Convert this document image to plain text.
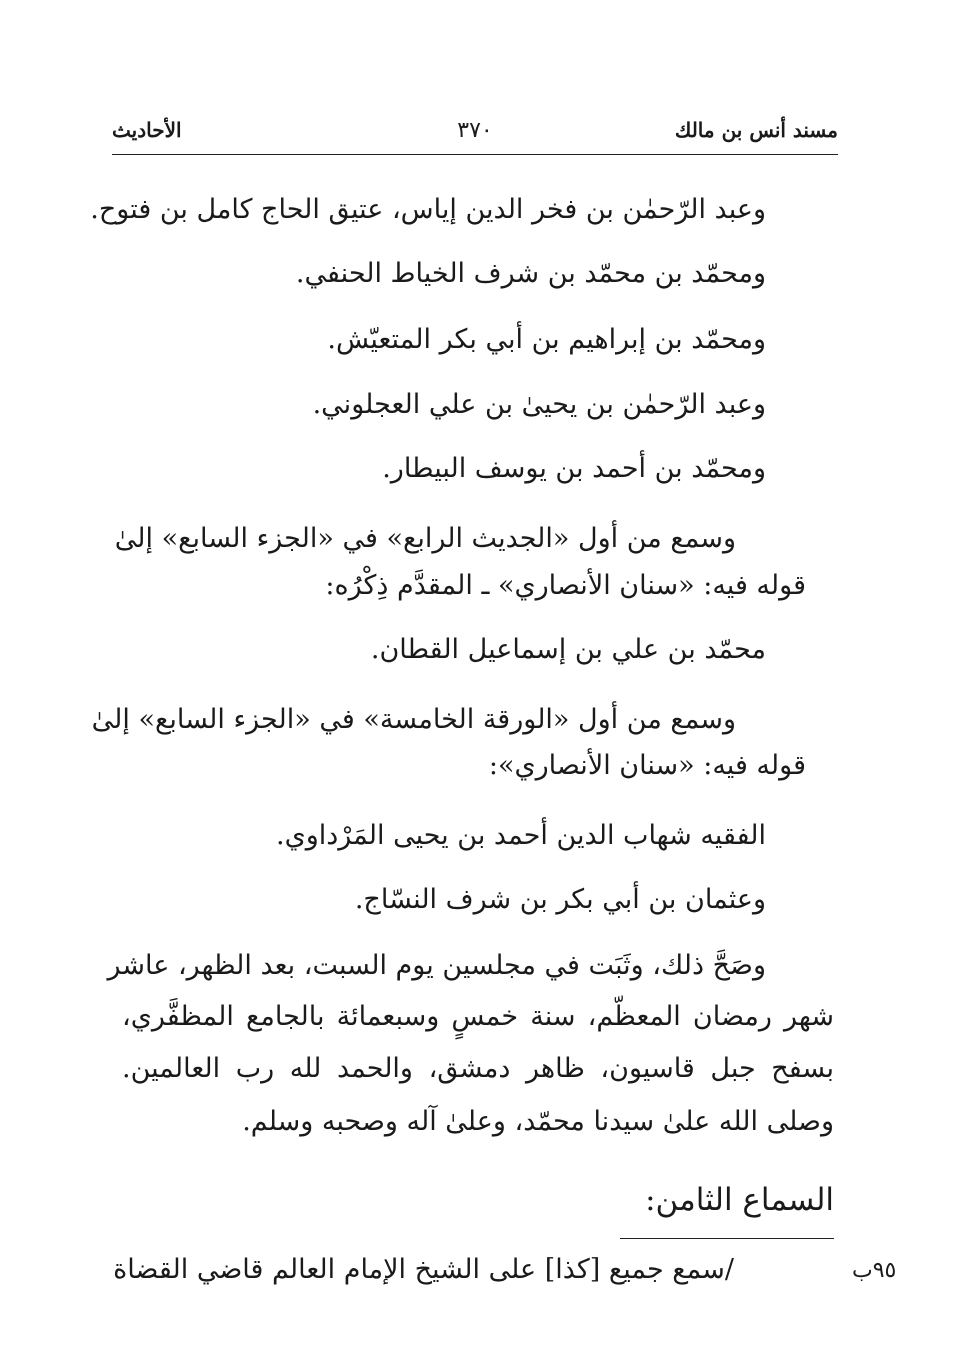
مسند أنس بن مالك
٣٧٠
الأحاديث
وعبد الرّحمٰن بن فخر الدين إياس، عتيق الحاج كامل بن فتوح.
ومحمّد بن محمّد بن شرف الخياط الحنفي.
ومحمّد بن إبراهيم بن أبي بكر المتعيّش.
وعبد الرّحمٰن بن يحيىٰ بن علي العجلوني.
ومحمّد بن أحمد بن يوسف البيطار.
وسمع من أول «الجديث الرابع» في «الجزء السابع» إلىٰ
قوله فيه: «سنان الأنصاري» ـ المقدَّم ذِكْرُه:
محمّد بن علي بن إسماعيل القطان.
وسمع من أول «الورقة الخامسة» في «الجزء السابع» إلىٰ
قوله فيه: «سنان الأنصاري»:
الفقيه شهاب الدين أحمد بن يحيى المَرْداوي.
وعثمان بن أبي بكر بن شرف النسّاج.
وصَحَّ ذلك، وثَبَت في مجلسين يوم السبت، بعد الظهر، عاشر
شهر رمضان المعظّم، سنة خمسٍ وسبعمائة بالجامع المظفَّري،
بسفح جبل قاسيون، ظاهر دمشق، والحمد لله رب العالمين.
وصلى الله علىٰ سيدنا محمّد، وعلىٰ آله وصحبه وسلم.
السماع الثامن:
/سمع جميع [كذا] على الشيخ الإمام العالم قاضي القضاة	٩٥ب
